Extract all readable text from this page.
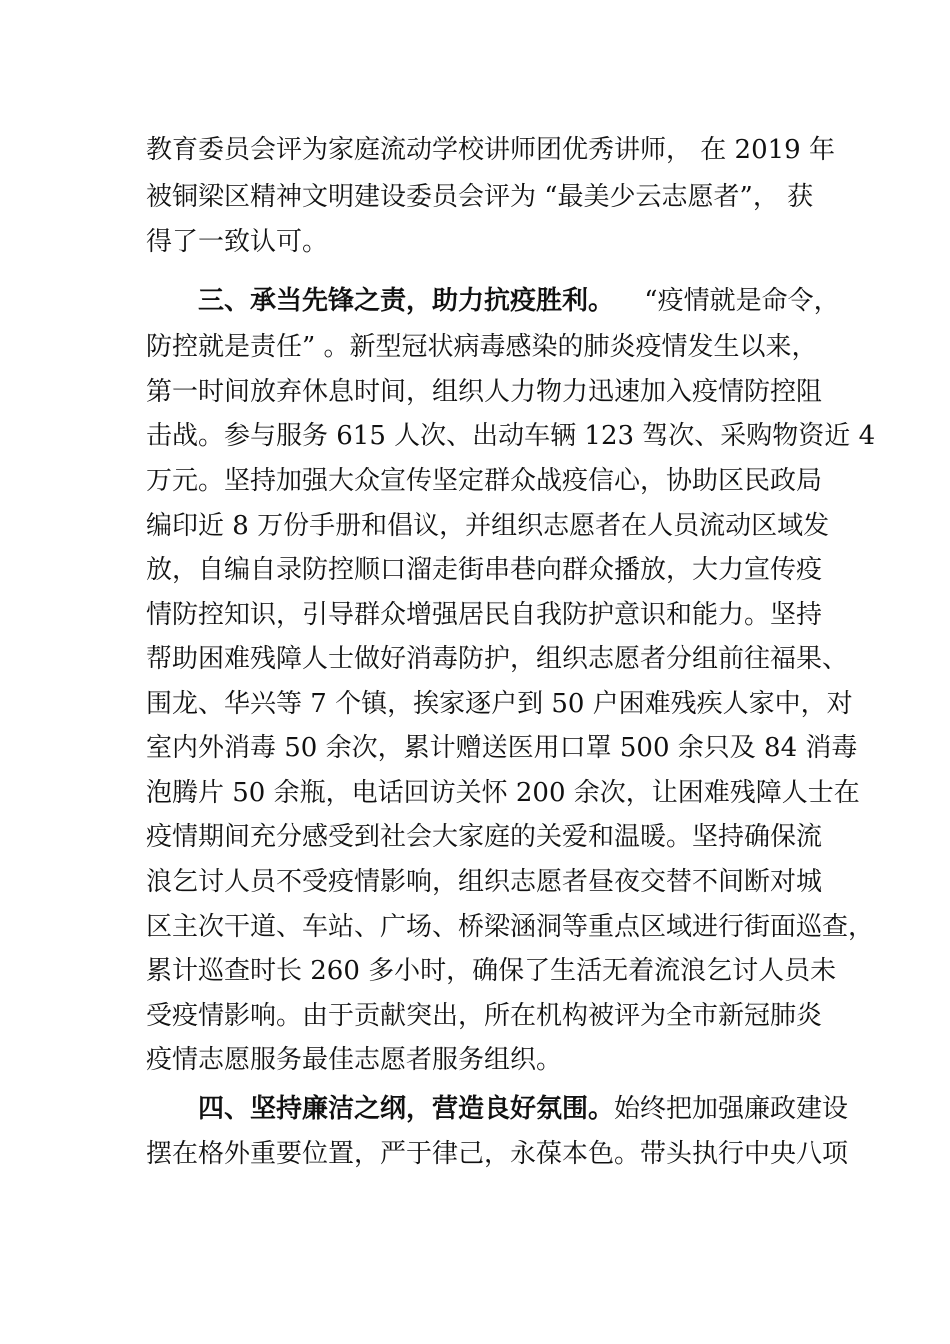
教育委员会评为家庭流动学校讲师团优秀讲师， 在 2019 年
被铜梁区精神文明建设委员会评为 “最美少云志愿者”， 获
得了一致认可。
三、承当先锋之责，助力抗疫胜利。 “疫情就是命令，
防控就是责任” 。新型冠状病毒感染的肺炎疫情发生以来，
第一时间放弃休息时间，组织人力物力迅速加入疫情防控阻
击战。参与服务 615 人次、出动车辆 123 驾次、采购物资近 4
万元。坚持加强大众宣传坚定群众战疫信心，协助区民政局
编印近 8 万份手册和倡议，并组织志愿者在人员流动区域发
放，自编自录防控顺口溜走街串巷向群众播放，大力宣传疫
情防控知识，引导群众增强居民自我防护意识和能力。坚持
帮助困难残障人士做好消毒防护，组织志愿者分组前往福果、
围龙、华兴等 7 个镇，挨家逐户到 50 户困难残疾人家中，对
室内外消毒 50 余次，累计赠送医用口罩 500 余只及 84 消毒
泡腾片 50 余瓶，电话回访关怀 200 余次，让困难残障人士在
疫情期间充分感受到社会大家庭的关爱和温暖。坚持确保流
浪乞讨人员不受疫情影响，组织志愿者昼夜交替不间断对城
区主次干道、车站、广场、桥梁涵洞等重点区域进行街面巡查，
累计巡查时长 260 多小时，确保了生活无着流浪乞讨人员未
受疫情影响。由于贡献突出，所在机构被评为全市新冠肺炎
疫情志愿服务最佳志愿者服务组织。
四、坚持廉洁之纲，营造良好氛围。始终把加强廉政建设
摆在格外重要位置，严于律己，永葆本色。带头执行中央八项
